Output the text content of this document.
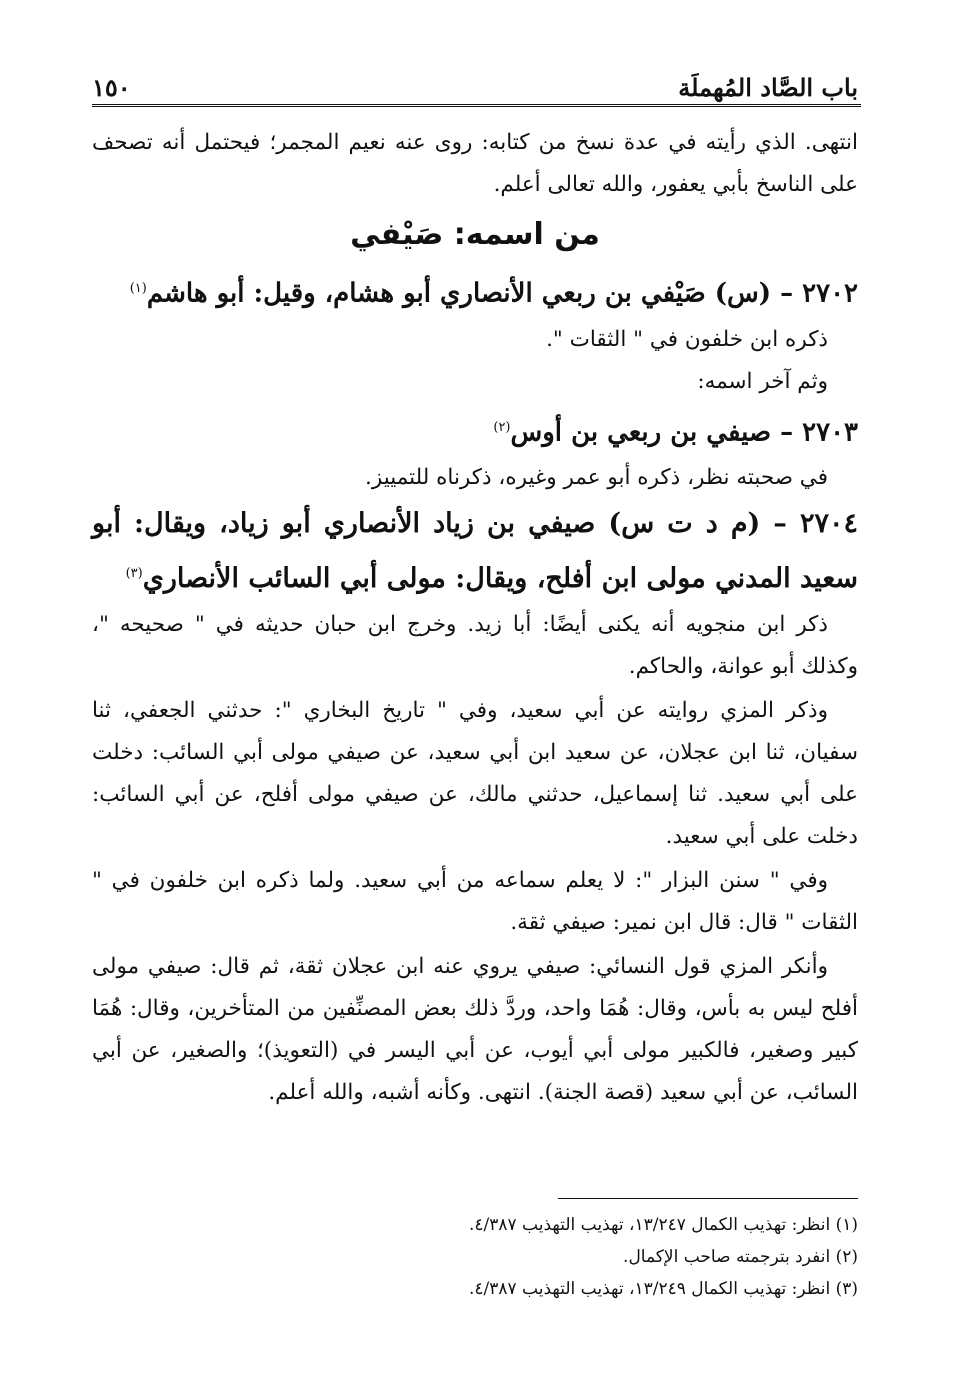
باب الصَّاد المُهملَة
١٥٠

انتهى. الذي رأيته في عدة نسخ من كتابه: روى عنه نعيم المجمر؛ فيحتمل أنه تصحف على الناسخ بأبي يعفور، والله تعالى أعلم.

من اسمه: صَيْفي

٢٧٠٢ – (س) صَيْفي بن ربعي الأنصاري أبو هشام، وقيل: أبو هاشم$^{(١)}$

ذكره ابن خلفون في " الثقات ".

وثم آخر اسمه:

٢٧٠٣ – صيفي بن ربعي بن أوس$^{(٢)}$

في صحبته نظر، ذكره أبو عمر وغيره، ذكرناه للتمييز.

٢٧٠٤ – (م د ت س) صيفي بن زياد الأنصاري أبو زياد، ويقال: أبو سعيد المدني مولى ابن أفلح، ويقال: مولى أبي السائب الأنصاري$^{(٣)}$

ذكر ابن منجويه أنه يكنى أيضًا: أبا زيد. وخرج ابن حبان حديثه في " صحيحه "، وكذلك أبو عوانة، والحاكم.

وذكر المزي روايته عن أبي سعيد، وفي " تاريخ البخاري ": حدثني الجعفي، ثنا سفيان، ثنا ابن عجلان، عن سعيد ابن أبي سعيد، عن صيفي مولى أبي السائب: دخلت على أبي سعيد. ثنا إسماعيل، حدثني مالك، عن صيفي مولى أفلح، عن أبي السائب: دخلت على أبي سعيد.

وفي " سنن البزار ": لا يعلم سماعه من أبي سعيد. ولما ذكره ابن خلفون في " الثقات " قال: قال ابن نمير: صيفي ثقة.

وأنكر المزي قول النسائي: صيفي يروي عنه ابن عجلان ثقة، ثم قال: صيفي مولى أفلح ليس به بأس، وقال: هُمَا واحد، وردَّ ذلك بعض المصنِّفين من المتأخرين، وقال: هُمَا كبير وصغير، فالكبير مولى أبي أيوب، عن أبي اليسر في (التعويذ)؛ والصغير، عن أبي السائب، عن أبي سعيد (قصة الجنة). انتهى. وكأنه أشبه، والله أعلم.

(١) انظر: تهذيب الكمال ١٣/٢٤٧، تهذيب التهذيب ٤/٣٨٧.

(٢) انفرد بترجمته صاحب الإكمال.

(٣) انظر: تهذيب الكمال ١٣/٢٤٩، تهذيب التهذيب ٤/٣٨٧.
